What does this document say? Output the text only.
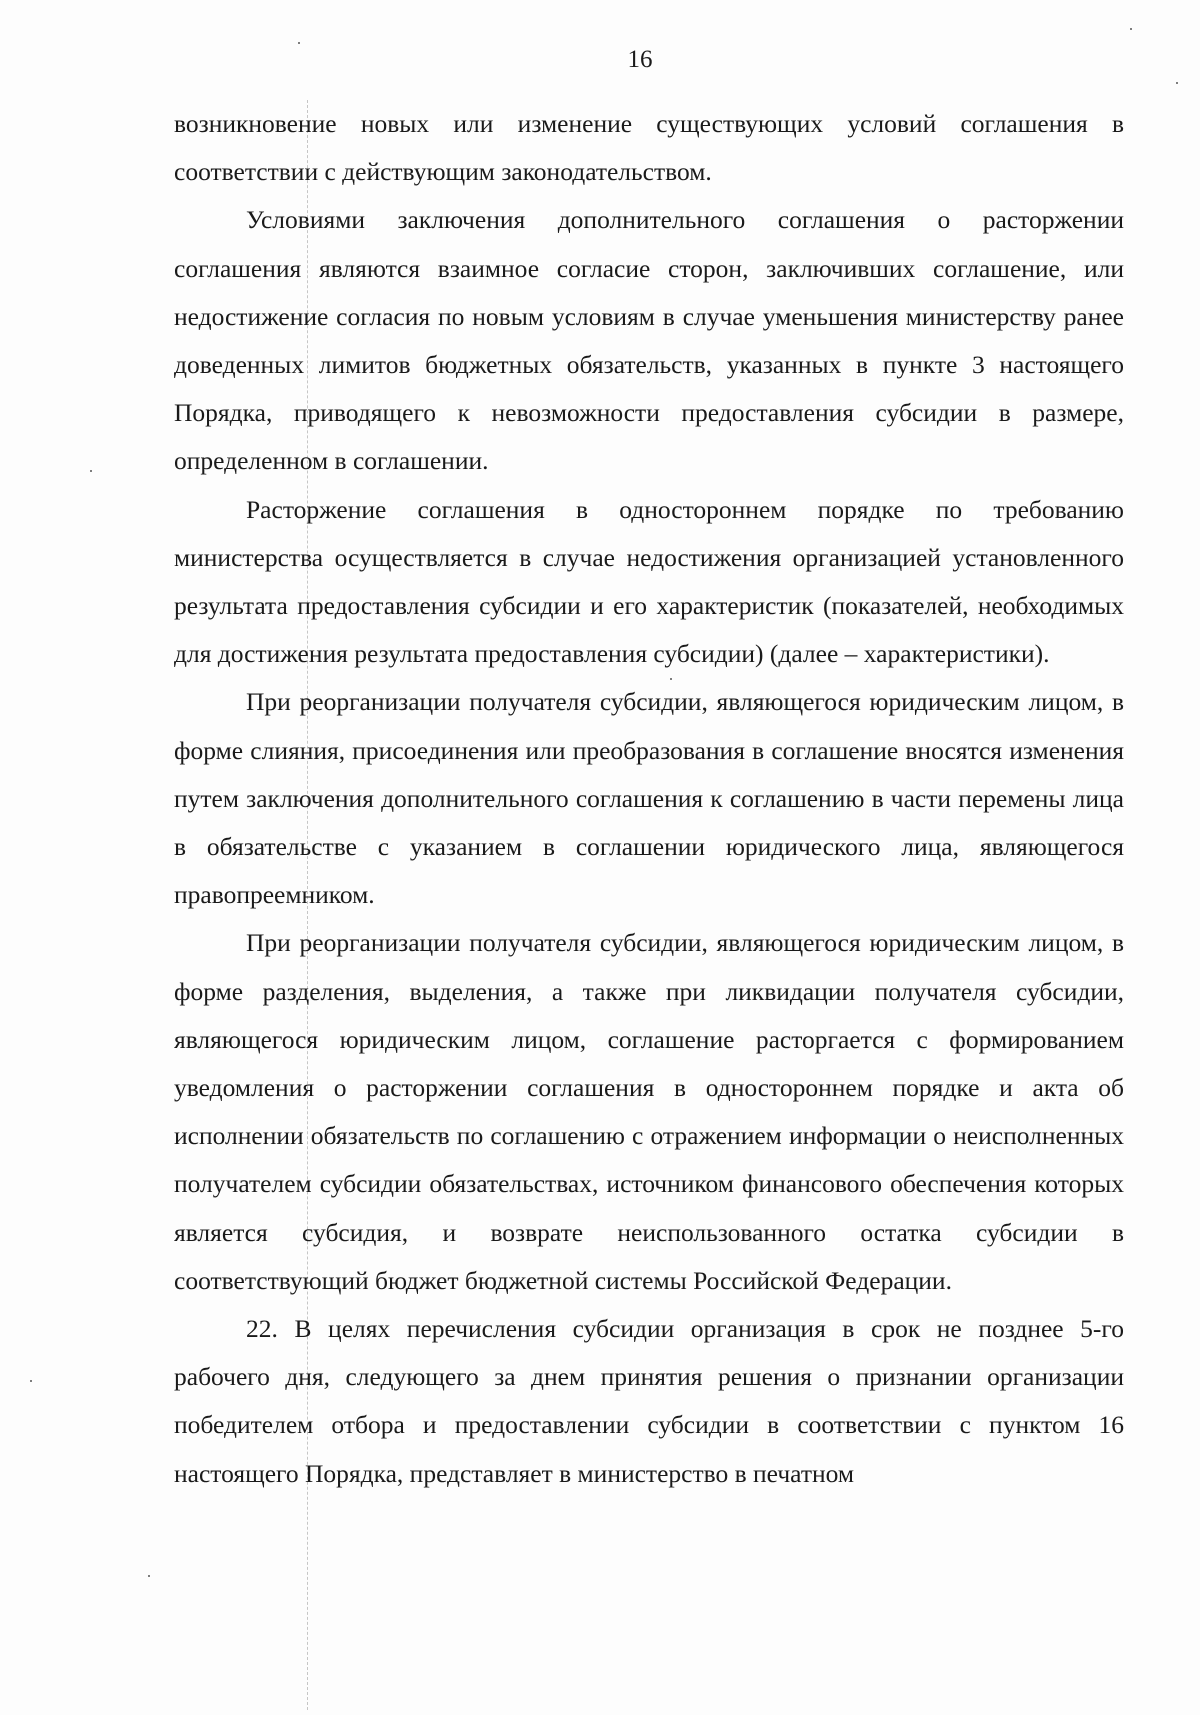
16

возникновение новых или изменение существующих условий соглашения в соответствии с действующим законодательством.

Условиями заключения дополнительного соглашения о расторжении соглашения являются взаимное согласие сторон, заключивших соглашение, или недостижение согласия по новым условиям в случае уменьшения министерству ранее доведенных лимитов бюджетных обязательств, указанных в пункте 3 настоящего Порядка, приводящего к невозможности предоставления субсидии в размере, определенном в соглашении.

Расторжение соглашения в одностороннем порядке по требованию министерства осуществляется в случае недостижения организацией установленного результата предоставления субсидии и его характеристик (показателей, необходимых для достижения результата предоставления субсидии) (далее – характеристики).

При реорганизации получателя субсидии, являющегося юридическим лицом, в форме слияния, присоединения или преобразования в соглашение вносятся изменения путем заключения дополнительного соглашения к соглашению в части перемены лица в обязательстве с указанием в соглашении юридического лица, являющегося правопреемником.

При реорганизации получателя субсидии, являющегося юридическим лицом, в форме разделения, выделения, а также при ликвидации получателя субсидии, являющегося юридическим лицом, соглашение расторгается с формированием уведомления о расторжении соглашения в одностороннем порядке и акта об исполнении обязательств по соглашению с отражением информации о неисполненных получателем субсидии обязательствах, источником финансового обеспечения которых является субсидия, и возврате неиспользованного остатка субсидии в соответствующий бюджет бюджетной системы Российской Федерации.

22. В целях перечисления субсидии организация в срок не позднее 5-го рабочего дня, следующего за днем принятия решения о признании организации победителем отбора и предоставлении субсидии в соответствии с пунктом 16 настоящего Порядка, представляет в министерство в печатном
